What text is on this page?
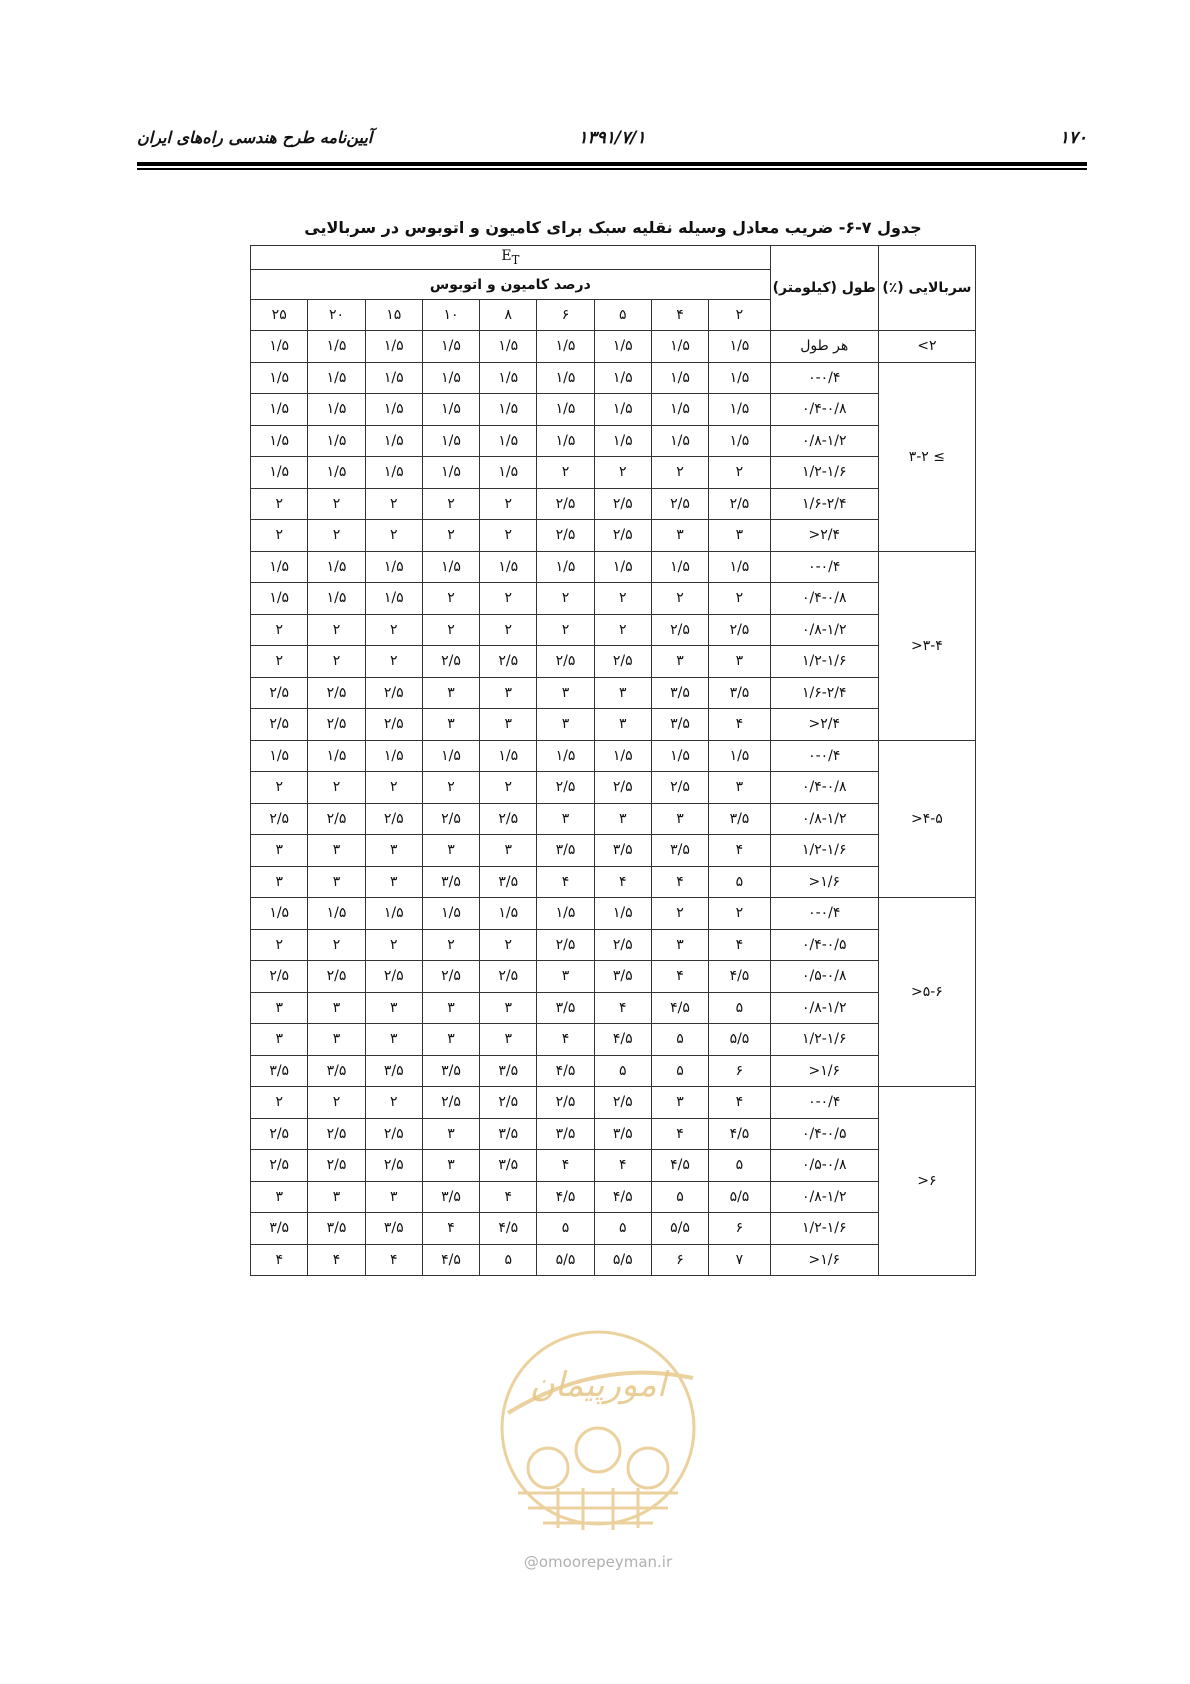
آیین‌نامه طرح هندسی راه‌های ایران	۱۳۹۱/۷/۱	۱۷۰
جدول ۷-۶- ضریب معادل وسیله نقلیه سبک برای کامیون و اتوبوس در سربالایی
سربالایی (٪)	طول (کیلومتر)	$E_T$
		درصد کامیون و اتوبوس								
		۲	۴	۵	۶	۸	۱۰	۱۵	۲۰	۲۵
<۲	هر طول	۱/۵	۱/۵	۱/۵	۱/۵	۱/۵	۱/۵	۱/۵	۱/۵	۱/۵
۳-۲ ≤	۰-۰/۴	۱/۵	۱/۵	۱/۵	۱/۵	۱/۵	۱/۵	۱/۵	۱/۵	۱/۵
	۰/۴-۰/۸	۱/۵	۱/۵	۱/۵	۱/۵	۱/۵	۱/۵	۱/۵	۱/۵	۱/۵
	۰/۸-۱/۲	۱/۵	۱/۵	۱/۵	۱/۵	۱/۵	۱/۵	۱/۵	۱/۵	۱/۵
	۱/۲-۱/۶	۲	۲	۲	۲	۱/۵	۱/۵	۱/۵	۱/۵	۱/۵
	۱/۶-۲/۴	۲/۵	۲/۵	۲/۵	۲/۵	۲	۲	۲	۲	۲
	>۲/۴	۳	۳	۲/۵	۲/۵	۲	۲	۲	۲	۲
>۳-۴	۰-۰/۴	۱/۵	۱/۵	۱/۵	۱/۵	۱/۵	۱/۵	۱/۵	۱/۵	۱/۵
	۰/۴-۰/۸	۲	۲	۲	۲	۲	۲	۱/۵	۱/۵	۱/۵
	۰/۸-۱/۲	۲/۵	۲/۵	۲	۲	۲	۲	۲	۲	۲
	۱/۲-۱/۶	۳	۳	۲/۵	۲/۵	۲/۵	۲/۵	۲	۲	۲
	۱/۶-۲/۴	۳/۵	۳/۵	۳	۳	۳	۳	۲/۵	۲/۵	۲/۵
	>۲/۴	۴	۳/۵	۳	۳	۳	۳	۲/۵	۲/۵	۲/۵
>۴-۵	۰-۰/۴	۱/۵	۱/۵	۱/۵	۱/۵	۱/۵	۱/۵	۱/۵	۱/۵	۱/۵
	۰/۴-۰/۸	۳	۲/۵	۲/۵	۲/۵	۲	۲	۲	۲	۲
	۰/۸-۱/۲	۳/۵	۳	۳	۳	۲/۵	۲/۵	۲/۵	۲/۵	۲/۵
	۱/۲-۱/۶	۴	۳/۵	۳/۵	۳/۵	۳	۳	۳	۳	۳
	>۱/۶	۵	۴	۴	۴	۳/۵	۳/۵	۳	۳	۳
>۵-۶	۰-۰/۴	۲	۲	۱/۵	۱/۵	۱/۵	۱/۵	۱/۵	۱/۵	۱/۵
	۰/۴-۰/۵	۴	۳	۲/۵	۲/۵	۲	۲	۲	۲	۲
	۰/۵-۰/۸	۴/۵	۴	۳/۵	۳	۲/۵	۲/۵	۲/۵	۲/۵	۲/۵
	۰/۸-۱/۲	۵	۴/۵	۴	۳/۵	۳	۳	۳	۳	۳
	۱/۲-۱/۶	۵/۵	۵	۴/۵	۴	۳	۳	۳	۳	۳
	>۱/۶	۶	۵	۵	۴/۵	۳/۵	۳/۵	۳/۵	۳/۵	۳/۵
>۶	۰-۰/۴	۴	۳	۲/۵	۲/۵	۲/۵	۲/۵	۲	۲	۲
	۰/۴-۰/۵	۴/۵	۴	۳/۵	۳/۵	۳/۵	۳	۲/۵	۲/۵	۲/۵
	۰/۵-۰/۸	۵	۴/۵	۴	۴	۳/۵	۳	۲/۵	۲/۵	۲/۵
	۰/۸-۱/۲	۵/۵	۵	۴/۵	۴/۵	۴	۳/۵	۳	۳	۳
	۱/۲-۱/۶	۶	۵/۵	۵	۵	۴/۵	۴	۳/۵	۳/۵	۳/۵
	>۱/۶	۷	۶	۵/۵	۵/۵	۵	۴/۵	۴	۴	۴
امورپیمان
@omoorepeyman.ir
